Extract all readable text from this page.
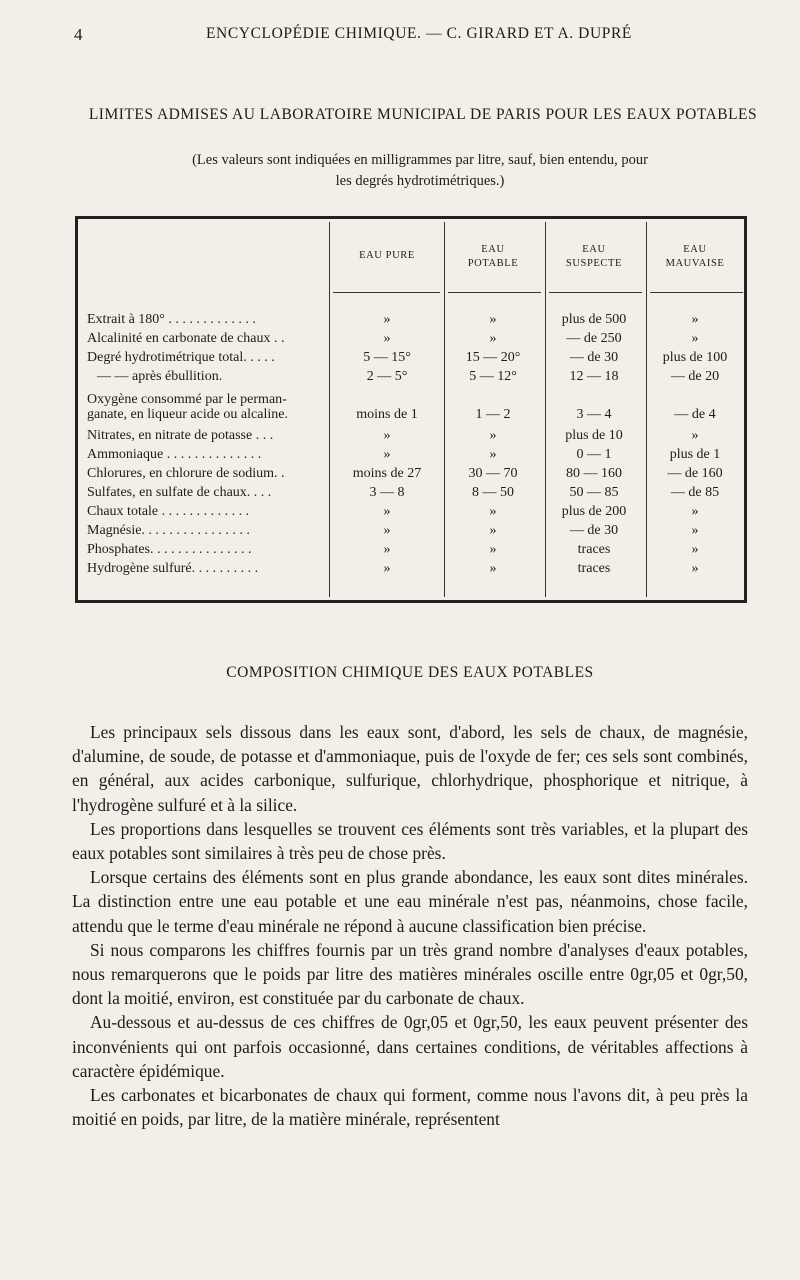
4	ENCYCLOPÉDIE CHIMIQUE. — C. GIRARD ET A. DUPRÉ
LIMITES ADMISES AU LABORATOIRE MUNICIPAL DE PARIS POUR LES EAUX POTABLES
(Les valeurs sont indiquées en milligrammes par litre, sauf, bien entendu, pour
les degrés hydrotimétriques.)
EAU PURE
EAU
POTABLE
EAU
SUSPECTE
EAU
MAUVAISE
Extrait à 180° . . . . . . . . . . . . .	»	»	plus de 500	»
Alcalinité en carbonate de chaux . .	»	»	— de 250	»
Degré hydrotimétrique total. . . . .	5 — 15°	15 — 20°	— de 30	plus de 100
— — après ébullition.	2 — 5°	5 — 12°	12 — 18	— de 20
Oxygène consommé par le perman-
ganate, en liqueur acide ou alcaline.	moins de 1	1 — 2	3 — 4	— de 4
Nitrates, en nitrate de potasse . . .	»	»	plus de 10	»
Ammoniaque . . . . . . . . . . . . . .	»	»	0 — 1	plus de 1
Chlorures, en chlorure de sodium. .	moins de 27	30 — 70	80 — 160	— de 160
Sulfates, en sulfate de chaux. . . .	3 — 8	8 — 50	50 — 85	— de 85
Chaux totale . . . . . . . . . . . . .	»	»	plus de 200	»
Magnésie. . . . . . . . . . . . . . . .	»	»	— de 30	»
Phosphates. . . . . . . . . . . . . . .	»	»	traces	»
Hydrogène sulfuré. . . . . . . . . .	»	»	traces	»
COMPOSITION CHIMIQUE DES EAUX POTABLES

Les principaux sels dissous dans les eaux sont, d'abord, les sels de chaux, de magnésie, d'alumine, de soude, de potasse et d'ammoniaque, puis de l'oxyde de fer; ces sels sont combinés, en général, aux acides carbonique, sulfurique, chlorhydrique, phosphorique et nitrique, à l'hydrogène sulfuré et à la silice.

Les proportions dans lesquelles se trouvent ces éléments sont très variables, et la plupart des eaux potables sont similaires à très peu de chose près.

Lorsque certains des éléments sont en plus grande abondance, les eaux sont dites minérales. La distinction entre une eau potable et une eau minérale n'est pas, néanmoins, chose facile, attendu que le terme d'eau minérale ne répond à aucune classification bien précise.

Si nous comparons les chiffres fournis par un très grand nombre d'analyses d'eaux potables, nous remarquerons que le poids par litre des matières minérales oscille entre 0gr,05 et 0gr,50, dont la moitié, environ, est constituée par du carbonate de chaux.

Au-dessous et au-dessus de ces chiffres de 0gr,05 et 0gr,50, les eaux peuvent présenter des inconvénients qui ont parfois occasionné, dans certaines conditions, de véritables affections à caractère épidémique.

Les carbonates et bicarbonates de chaux qui forment, comme nous l'avons dit, à peu près la moitié en poids, par litre, de la matière minérale, représentent
